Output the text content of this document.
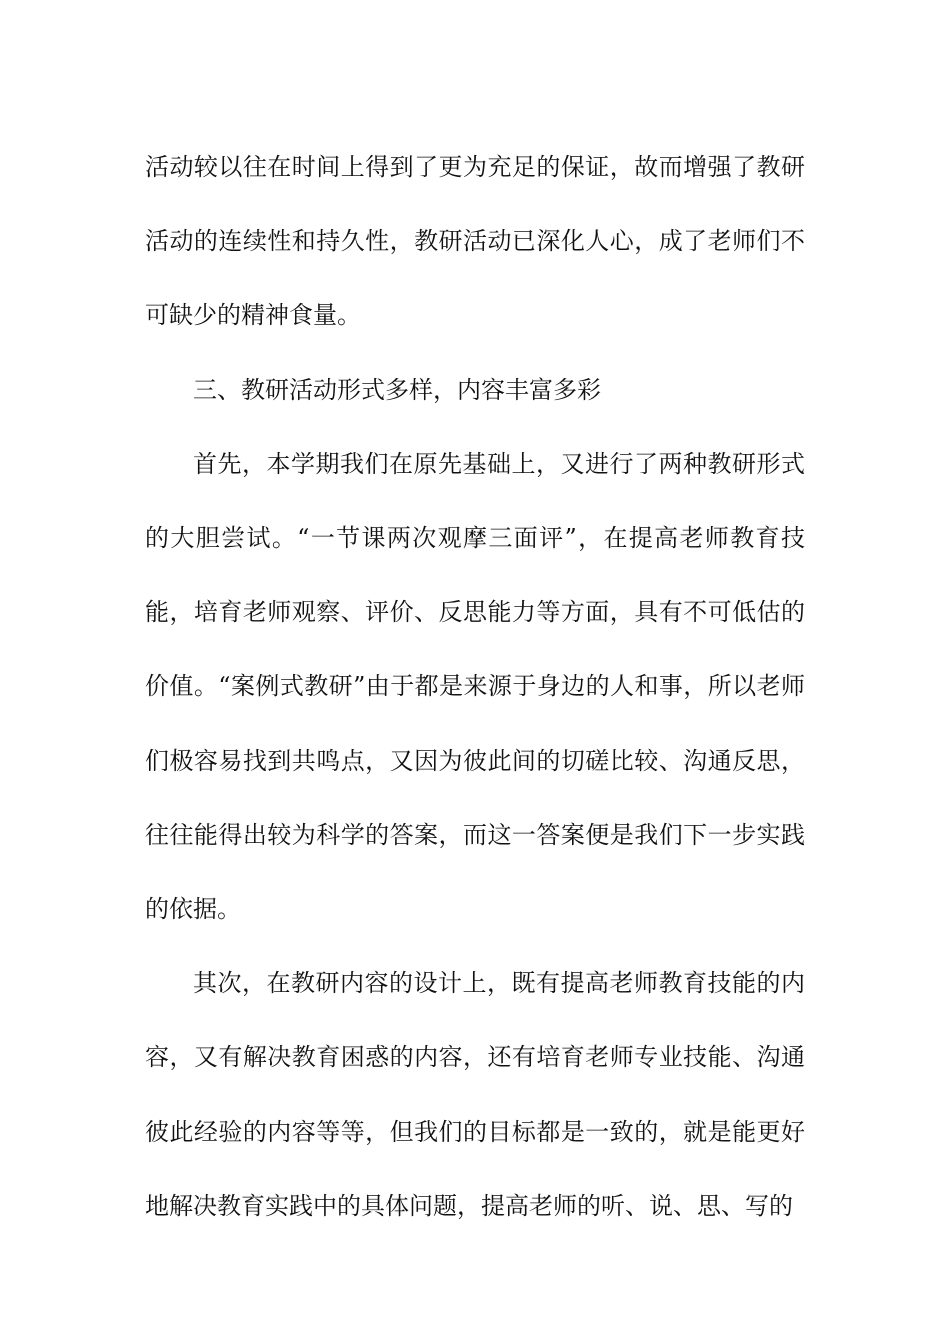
活动较以往在时间上得到了更为充足的保证，故而增强了教研活动的连续性和持久性，教研活动已深化人心，成了老师们不可缺少的精神食量。

三、教研活动形式多样，内容丰富多彩

首先，本学期我们在原先基础上，又进行了两种教研形式的大胆尝试。“一节课两次观摩三面评”，在提高老师教育技能，培育老师观察、评价、反思能力等方面，具有不可低估的价值。“案例式教研”由于都是来源于身边的人和事，所以老师们极容易找到共鸣点，又因为彼此间的切磋比较、沟通反思，往往能得出较为科学的答案，而这一答案便是我们下一步实践的依据。

其次，在教研内容的设计上，既有提高老师教育技能的内容，又有解决教育困惑的内容，还有培育老师专业技能、沟通彼此经验的内容等等，但我们的目标都是一致的，就是能更好地解决教育实践中的具体问题，提高老师的听、说、思、写的
